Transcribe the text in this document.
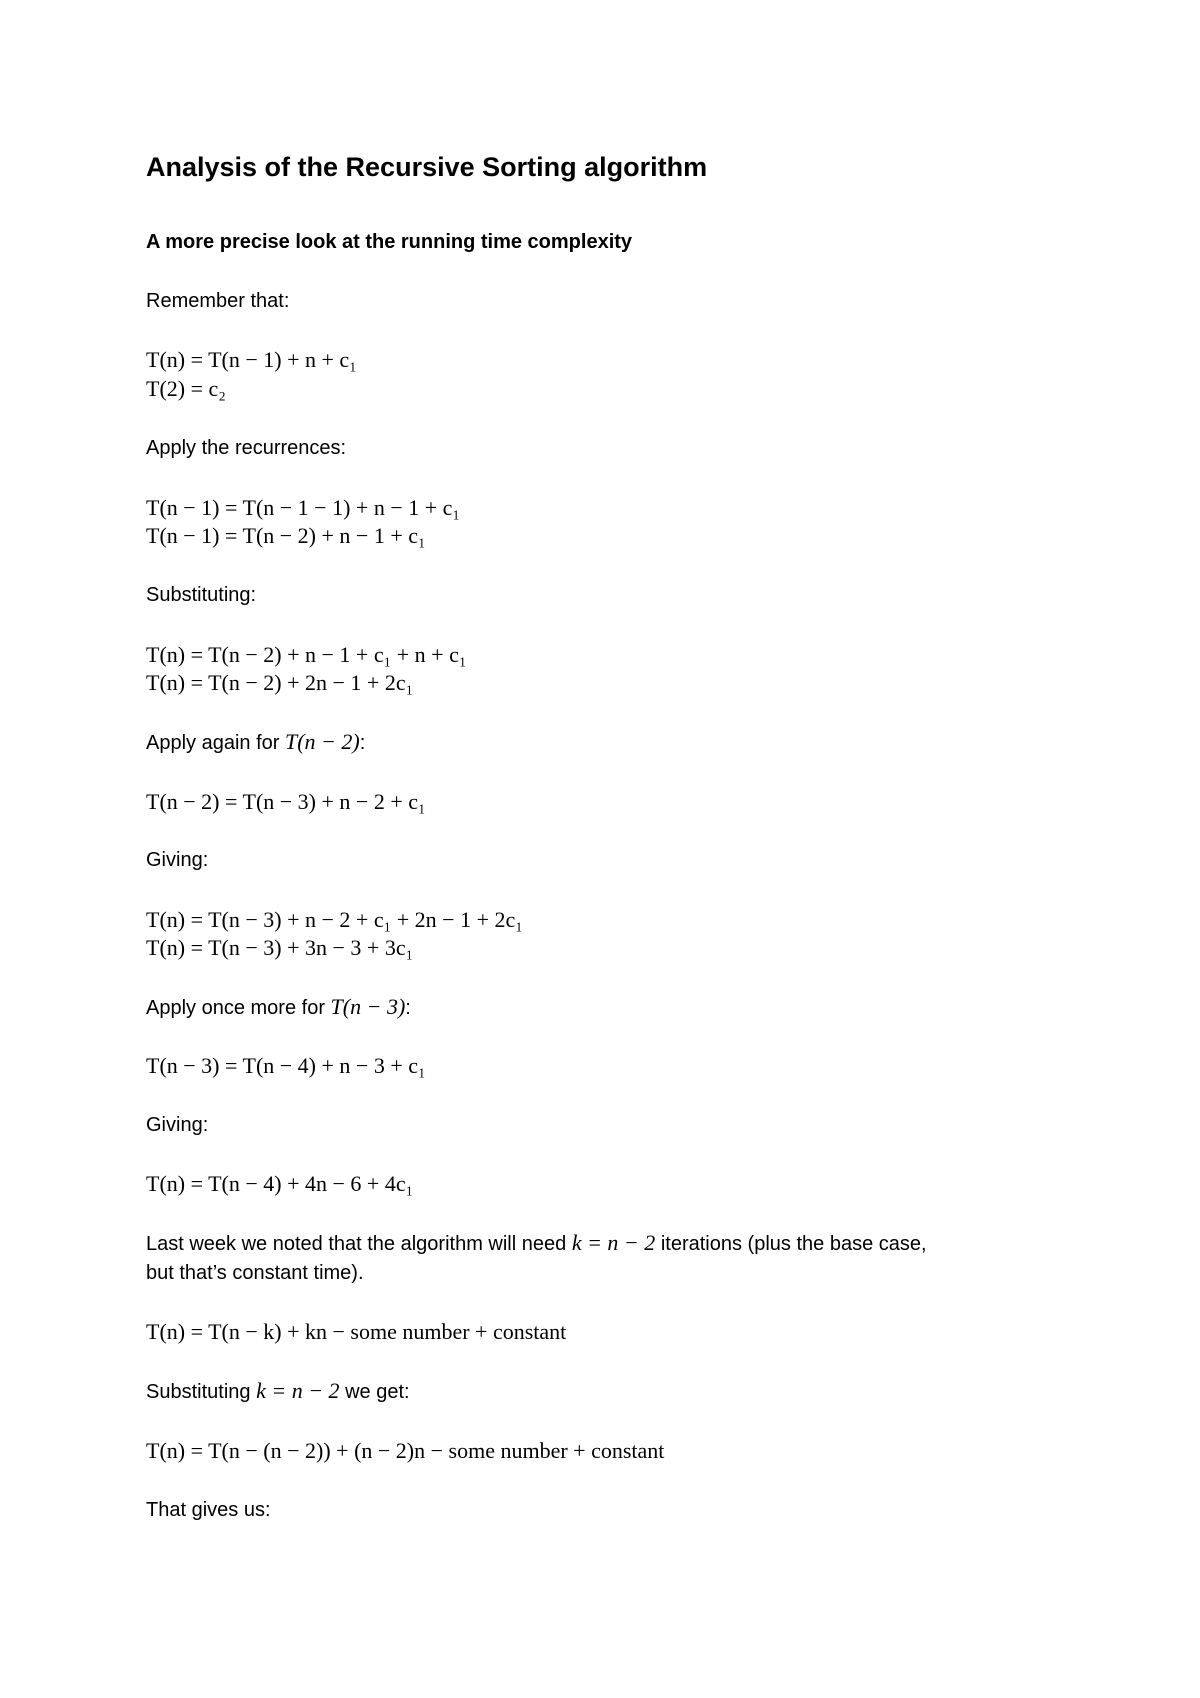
Analysis of the Recursive Sorting algorithm
A more precise look at the running time complexity
Remember that:
T(n) = T(n − 1) + n + c₁
T(2) = c₂
Apply the recurrences:
T(n − 1) = T(n − 1 − 1) + n − 1 + c₁
T(n − 1) = T(n − 2) + n − 1 + c₁
Substituting:
T(n) = T(n − 2) + n − 1 + c₁ + n + c₁
T(n) = T(n − 2) + 2n − 1 + 2c₁
Apply again for T(n − 2):
T(n − 2) = T(n − 3) + n − 2 + c₁
Giving:
T(n) = T(n − 3) + n − 2 + c₁ + 2n − 1 + 2c₁
T(n) = T(n − 3) + 3n − 3 + 3c₁
Apply once more for T(n − 3):
T(n − 3) = T(n − 4) + n − 3 + c₁
Giving:
T(n) = T(n − 4) + 4n − 6 + 4c₁
Last week we noted that the algorithm will need k = n − 2 iterations (plus the base case,
but that’s constant time).
T(n) = T(n − k) + kn − some number + constant
Substituting k = n − 2 we get:
T(n) = T(n − (n − 2)) + (n − 2)n − some number + constant
That gives us:
